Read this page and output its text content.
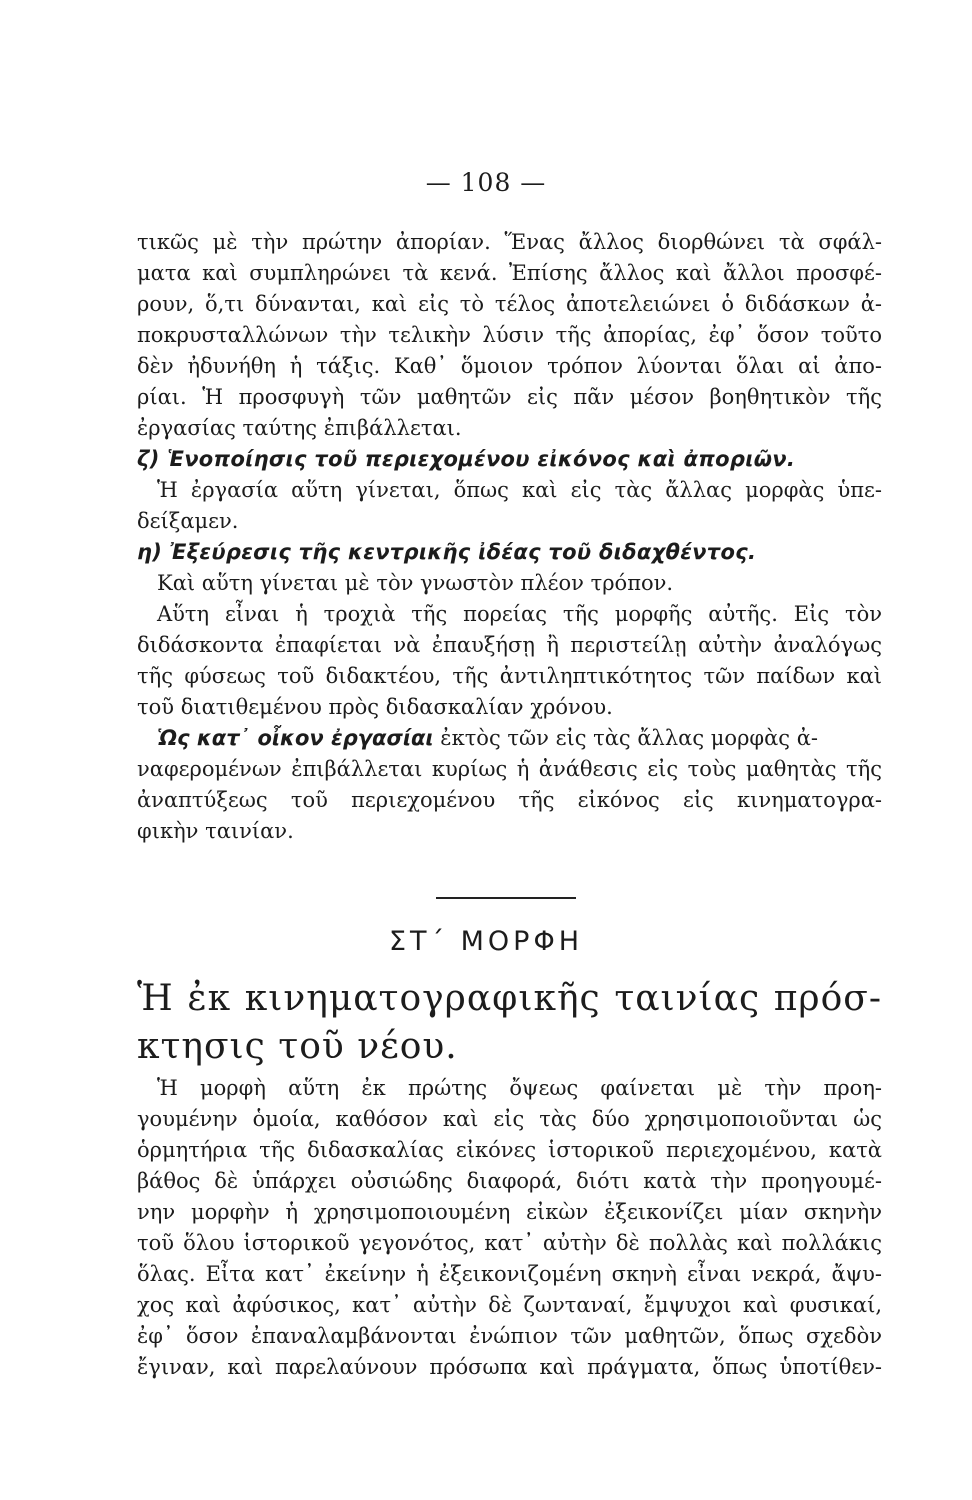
— 108 —
τικῶς μὲ τὴν πρώτην ἀπορίαν. Ἕνας ἄλλος διορθώνει τὰ σφάλ-
ματα καὶ συμπληρώνει τὰ κενά. Ἐπίσης ἄλλος καὶ ἄλλοι προσφέ-
ρουν, ὅ,τι δύνανται, καὶ εἰς τὸ τέλος ἀποτελειώνει ὁ διδάσκων ἀ-
ποκρυσταλλώνων τὴν τελικὴν λύσιν τῆς ἀπορίας, ἐφ᾽ ὅσον τοῦτο
δὲν ἠδυνήθη ἡ τάξις. Καθ᾽ ὅμοιον τρόπον λύονται ὅλαι αἱ ἀπο-
ρίαι. Ἡ προσφυγὴ τῶν μαθητῶν εἰς πᾶν μέσον βοηθητικὸν τῆς
ἐργασίας ταύτης ἐπιβάλλεται.
ζ) Ἑνοποίησις τοῦ περιεχομένου εἰκόνος καὶ ἀποριῶν.
Ἡ ἐργασία αὕτη γίνεται, ὅπως καὶ εἰς τὰς ἄλλας μορφὰς ὑπε-
δείξαμεν.
η) Ἐξεύρεσις τῆς κεντρικῆς ἰδέας τοῦ διδαχθέντος.
Καὶ αὕτη γίνεται μὲ τὸν γνωστὸν πλέον τρόπον.
Αὕτη εἶναι ἡ τροχιὰ τῆς πορείας τῆς μορφῆς αὐτῆς. Εἰς τὸν
διδάσκοντα ἐπαφίεται νὰ ἐπαυξήσῃ ἢ περιστείλῃ αὐτὴν ἀναλόγως
τῆς φύσεως τοῦ διδακτέου, τῆς ἀντιληπτικότητος τῶν παίδων καὶ
τοῦ διατιθεμένου πρὸς διδασκαλίαν χρόνου.
Ὡς κατ᾽ οἶκον ἐργασίαι ἐκτὸς τῶν εἰς τὰς ἄλλας μορφὰς ἀ-
ναφερομένων ἐπιβάλλεται κυρίως ἡ ἀνάθεσις εἰς τοὺς μαθητὰς τῆς
ἀναπτύξεως τοῦ περιεχομένου τῆς εἰκόνος εἰς κινηματογρα-
φικὴν ταινίαν.
ΣΤ΄ ΜΟΡΦΗ
Ἡ ἐκ κινηματογραφικῆς ταινίας πρόσ-
κτησις τοῦ νέου.
Ἡ μορφὴ αὕτη ἐκ πρώτης ὄψεως φαίνεται μὲ τὴν προη-
γουμένην ὁμοία, καθόσον καὶ εἰς τὰς δύο χρησιμοποιοῦνται ὡς
ὁρμητήρια τῆς διδασκαλίας εἰκόνες ἱστορικοῦ περιεχομένου, κατὰ
βάθος δὲ ὑπάρχει οὐσιώδης διαφορά, διότι κατὰ τὴν προηγουμέ-
νην μορφὴν ἡ χρησιμοποιουμένη εἰκὼν ἐξεικονίζει μίαν σκηνὴν
τοῦ ὅλου ἱστορικοῦ γεγονότος, κατ᾽ αὐτὴν δὲ πολλὰς καὶ πολλάκις
ὅλας. Εἶτα κατ᾽ ἐκείνην ἡ ἐξεικονιζομένη σκηνὴ εἶναι νεκρά, ἄψυ-
χος καὶ ἀφύσικος, κατ᾽ αὐτὴν δὲ ζωνταναί, ἔμψυχοι καὶ φυσικαί,
ἐφ᾽ ὅσον ἐπαναλαμβάνονται ἐνώπιον τῶν μαθητῶν, ὅπως σχεδὸν
ἔγιναν, καὶ παρελαύνουν πρόσωπα καὶ πράγματα, ὅπως ὑποτίθεν-
